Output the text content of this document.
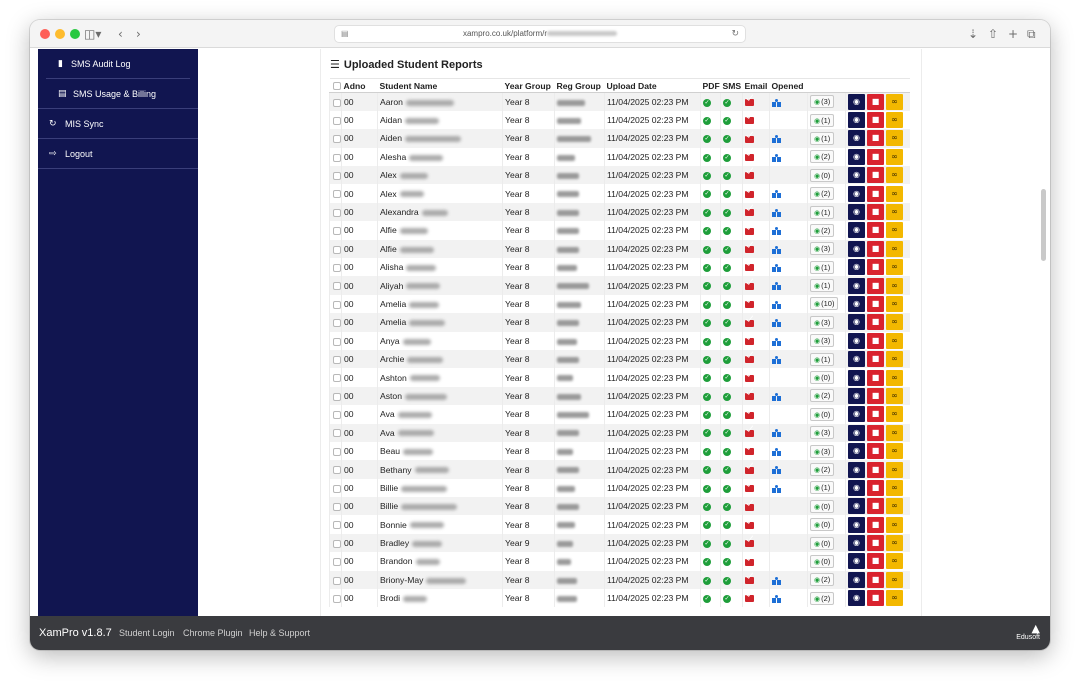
◫▾ ‹ ›	▤	xampro.co.uk/platform/r	↻	⇣ ⇧ + ⧉
▮ SMS Audit Log
▤ SMS Usage & Billing
↻ MIS Sync
⇨ Logout
☰ Uploaded Student Reports
	Adno	Student Name	Year Group	Reg Group	Upload Date	PDF	SMS	Email	Opened		
	00	Aaron	Year 8		11/04/2025 02:23 PM	✓	✓			◉(3)	◉ ■ ∞
	00	Aidan	Year 8		11/04/2025 02:23 PM	✓	✓			◉(1)	◉ ■ ∞
	00	Aiden	Year 8		11/04/2025 02:23 PM	✓	✓			◉(1)	◉ ■ ∞
	00	Alesha	Year 8		11/04/2025 02:23 PM	✓	✓			◉(2)	◉ ■ ∞
	00	Alex	Year 8		11/04/2025 02:23 PM	✓	✓			◉(0)	◉ ■ ∞
	00	Alex	Year 8		11/04/2025 02:23 PM	✓	✓			◉(2)	◉ ■ ∞
	00	Alexandra	Year 8		11/04/2025 02:23 PM	✓	✓			◉(1)	◉ ■ ∞
	00	Alfie	Year 8		11/04/2025 02:23 PM	✓	✓			◉(2)	◉ ■ ∞
	00	Alfie	Year 8		11/04/2025 02:23 PM	✓	✓			◉(3)	◉ ■ ∞
	00	Alisha	Year 8		11/04/2025 02:23 PM	✓	✓			◉(1)	◉ ■ ∞
	00	Aliyah	Year 8		11/04/2025 02:23 PM	✓	✓			◉(1)	◉ ■ ∞
	00	Amelia	Year 8		11/04/2025 02:23 PM	✓	✓			◉(10)	◉ ■ ∞
	00	Amelia	Year 8		11/04/2025 02:23 PM	✓	✓			◉(3)	◉ ■ ∞
	00	Anya	Year 8		11/04/2025 02:23 PM	✓	✓			◉(3)	◉ ■ ∞
	00	Archie	Year 8		11/04/2025 02:23 PM	✓	✓			◉(1)	◉ ■ ∞
	00	Ashton	Year 8		11/04/2025 02:23 PM	✓	✓			◉(0)	◉ ■ ∞
	00	Aston	Year 8		11/04/2025 02:23 PM	✓	✓			◉(2)	◉ ■ ∞
	00	Ava	Year 8		11/04/2025 02:23 PM	✓	✓			◉(0)	◉ ■ ∞
	00	Ava	Year 8		11/04/2025 02:23 PM	✓	✓			◉(3)	◉ ■ ∞
	00	Beau	Year 8		11/04/2025 02:23 PM	✓	✓			◉(3)	◉ ■ ∞
	00	Bethany	Year 8		11/04/2025 02:23 PM	✓	✓			◉(2)	◉ ■ ∞
	00	Billie	Year 8		11/04/2025 02:23 PM	✓	✓			◉(1)	◉ ■ ∞
	00	Billie	Year 8		11/04/2025 02:23 PM	✓	✓			◉(0)	◉ ■ ∞
	00	Bonnie	Year 8		11/04/2025 02:23 PM	✓	✓			◉(0)	◉ ■ ∞
	00	Bradley	Year 9		11/04/2025 02:23 PM	✓	✓			◉(0)	◉ ■ ∞
	00	Brandon	Year 8		11/04/2025 02:23 PM	✓	✓			◉(0)	◉ ■ ∞
	00	Briony-May	Year 8		11/04/2025 02:23 PM	✓	✓			◉(2)	◉ ■ ∞
	00	Brodi	Year 8		11/04/2025 02:23 PM	✓	✓			◉(2)	◉ ■ ∞
XamPro v1.8.7 Student Login Chrome Plugin Help & Support	▲
Edusoft
